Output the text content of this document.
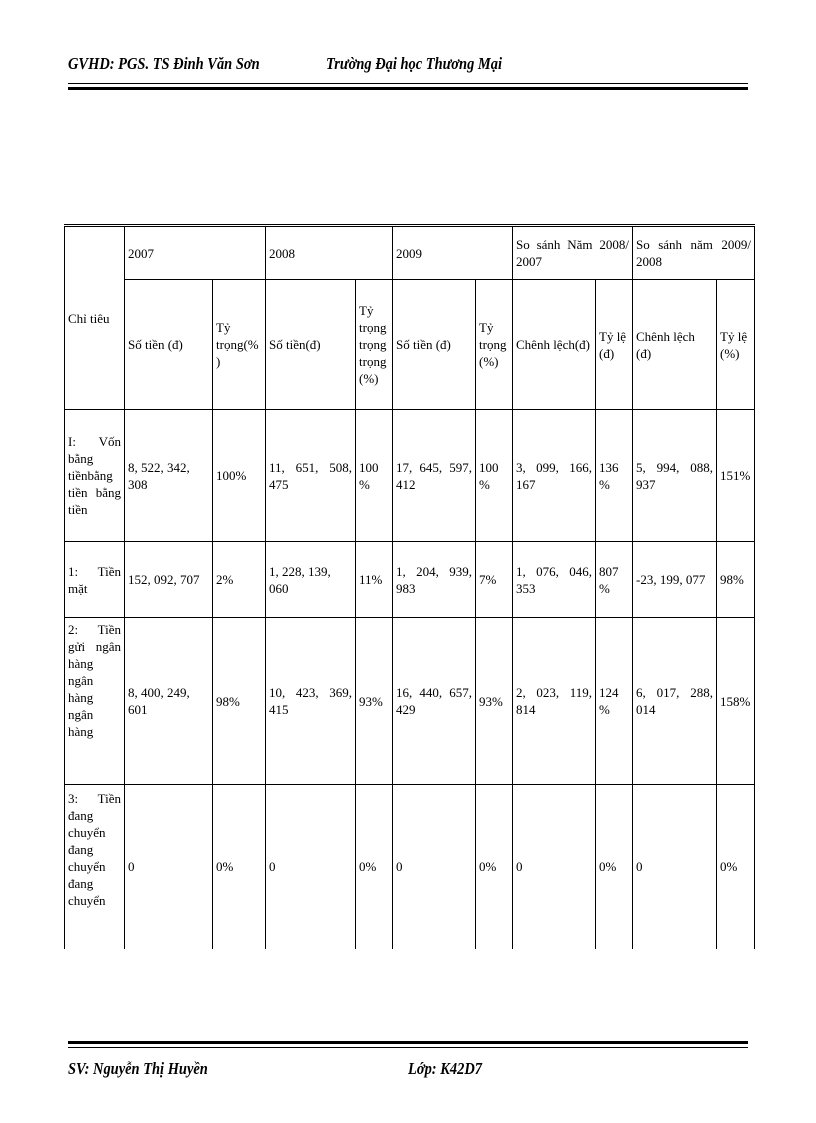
GVHD: PGS. TS Đinh Văn Sơn	Trường Đại học Thương Mại
Chỉ tiêu	2007		2008		2009		So sánh Năm 2008/ 2007		So sánh năm 2009/ 2008	
	Số tiền (đ)	Tỷ trọng(%)	Số tiền(đ)	Tỷ trọng trọng trọng (%)	Số tiền (đ)	Tỷ trọng (%)	Chênh lệch(đ)	Tỷ lệ (đ)	Chênh lệch (đ)	Tỷ lệ (%)
I: Vốn bằng tiềnbằng tiền bằng tiền	8, 522, 342, 308	100%	11, 651, 508, 475	100%	17, 645, 597, 412	100%	3, 099, 166, 167	136%	5, 994, 088, 937	151%
1: Tiền mặt	152, 092, 707	2%	1, 228, 139, 060	11%	1, 204, 939, 983	7%	1, 076, 046, 353	807%	-23, 199, 077	98%

2: Tiền gửi ngân hàng ngân hàng ngân hàng	8, 400, 249, 601	98%	10, 423, 369, 415	93%	16, 440, 657, 429	93%	2, 023, 119, 814	124%	6, 017, 288, 014	158%

3: Tiền đang chuyển đang chuyển đang chuyển	0	0%	0	0%	0	0%	0	0%	0	0%
SV: Nguyễn Thị Huyền	Lớp: K42D7
